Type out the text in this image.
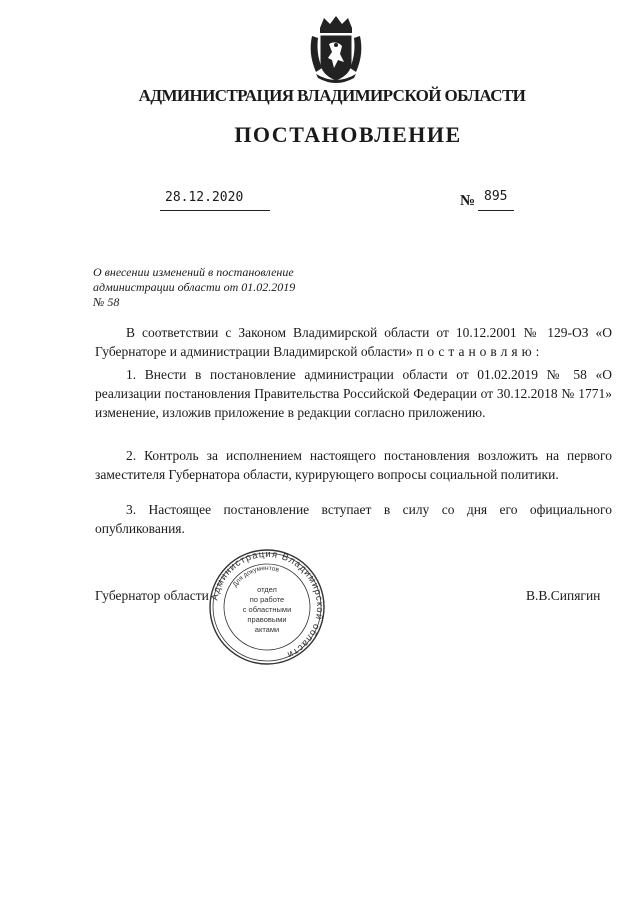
АДМИНИСТРАЦИЯ ВЛАДИМИРСКОЙ ОБЛАСТИ
ПОСТАНОВЛЕНИЕ
28.12.2020	№ 895
О внесении изменений в постановление
администрации области от 01.02.2019
№ 58
В соответствии с Законом Владимирской области от 10.12.2001 № 129-ОЗ «О Губернаторе и администрации Владимирской области» постановляю:
1. Внести в постановление администрации области от 01.02.2019 № 58 «О реализации постановления Правительства Российской Федерации от 30.12.2018 № 1771» изменение, изложив приложение в редакции согласно приложению.
2. Контроль за исполнением настоящего постановления возложить на первого заместителя Губернатора области, курирующего вопросы социальной политики.
3. Настоящее постановление вступает в силу со дня его официального опубликования.
Губернатор области	В.В.Сипягин
Администрация Владимирской области
Для документов
отдел
по работе
с областными
правовыми
актами
